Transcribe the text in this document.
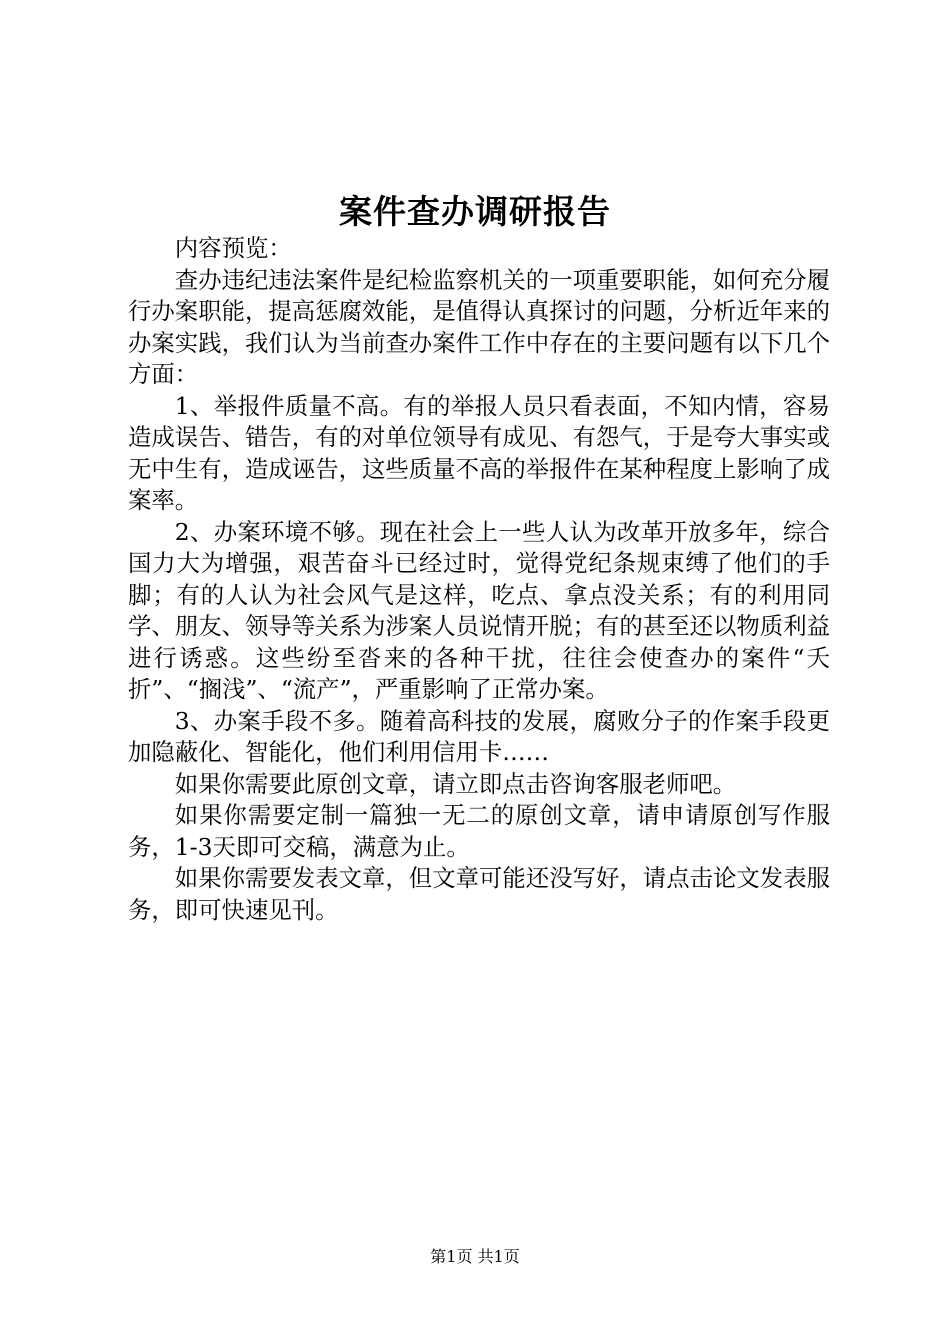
案件查办调研报告

内容预览：

查办违纪违法案件是纪检监察机关的一项重要职能，如何充分履行办案职能，提高惩腐效能，是值得认真探讨的问题，分析近年来的办案实践，我们认为当前查办案件工作中存在的主要问题有以下几个方面：

1、举报件质量不高。有的举报人员只看表面，不知内情，容易造成误告、错告，有的对单位领导有成见、有怨气，于是夸大事实或无中生有，造成诬告，这些质量不高的举报件在某种程度上影响了成案率。

2、办案环境不够。现在社会上一些人认为改革开放多年，综合国力大为增强，艰苦奋斗已经过时，觉得党纪条规束缚了他们的手脚；有的人认为社会风气是这样，吃点、拿点没关系；有的利用同学、朋友、领导等关系为涉案人员说情开脱；有的甚至还以物质利益进行诱惑。这些纷至沓来的各种干扰，往往会使查办的案件“夭折”、“搁浅”、“流产”，严重影响了正常办案。

3、办案手段不多。随着高科技的发展，腐败分子的作案手段更加隐蔽化、智能化，他们利用信用卡……

如果你需要此原创文章，请立即点击咨询客服老师吧。

如果你需要定制一篇独一无二的原创文章，请申请原创写作服务，1-3天即可交稿，满意为止。

如果你需要发表文章，但文章可能还没写好，请点击论文发表服务，即可快速见刊。

第1页 共1页
